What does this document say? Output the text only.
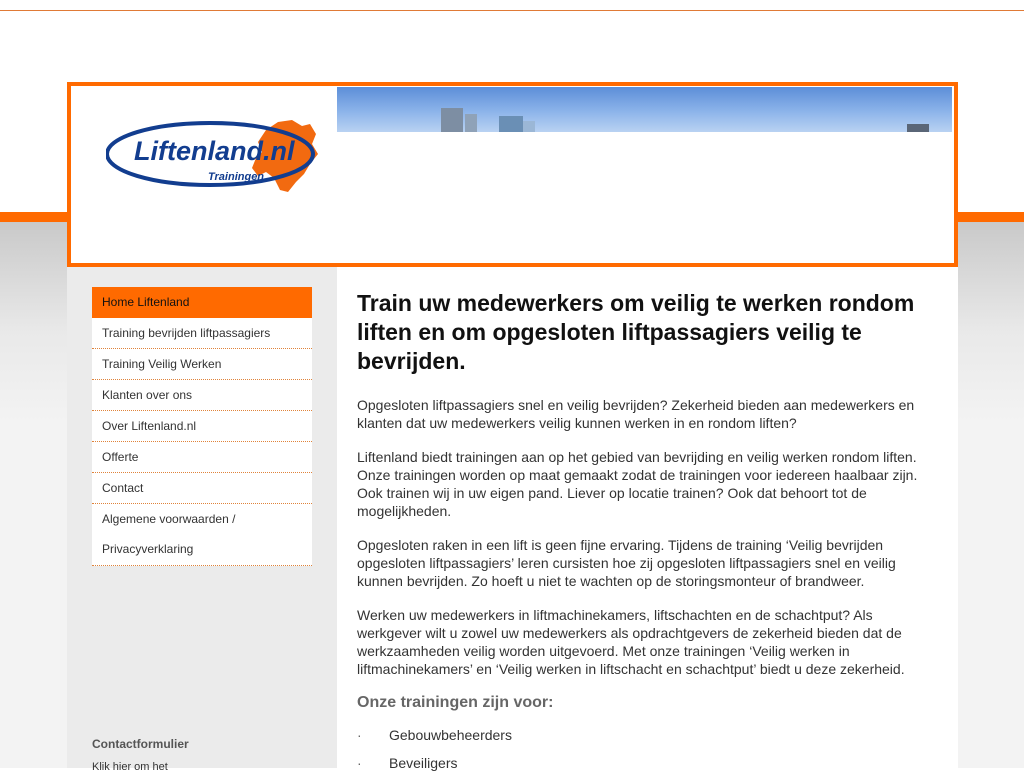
Liftenland.nl
Trainingen
Home Liftenland
Training bevrijden liftpassagiers
Training Veilig Werken
Klanten over ons
Over Liftenland.nl
Offerte
Contact
Algemene voorwaarden /
Privacyverklaring
Contactformulier
Klik hier om het
Train uw medewerkers om veilig te werken rondom liften en om opgesloten liftpassagiers veilig te bevrijden.

Opgesloten liftpassagiers snel en veilig bevrijden? Zekerheid bieden aan medewerkers en klanten dat uw medewerkers veilig kunnen werken in en rondom liften?

Liftenland biedt trainingen aan op het gebied van bevrijding en veilig werken rondom liften. Onze trainingen worden op maat gemaakt zodat de trainingen voor iedereen haalbaar zijn. Ook trainen wij in uw eigen pand. Liever op locatie trainen? Ook dat behoort tot de mogelijkheden.

Opgesloten raken in een lift is geen fijne ervaring. Tijdens de training ‘Veilig bevrijden opgesloten liftpassagiers’ leren cursisten hoe zij opgesloten liftpassagiers snel en veilig kunnen bevrijden. Zo hoeft u niet te wachten op de storingsmonteur of brandweer.

Werken uw medewerkers in liftmachinekamers, liftschachten en de schachtput? Als werkgever wilt u zowel uw medewerkers als opdrachtgevers de zekerheid bieden dat de werkzaamheden veilig worden uitgevoerd. Met onze trainingen ‘Veilig werken in liftmachinekamers’ en ‘Veilig werken in liftschacht en schachtput’ biedt u deze zekerheid.

Onze trainingen zijn voor:
· Gebouwbeheerders
· Beveiligers
